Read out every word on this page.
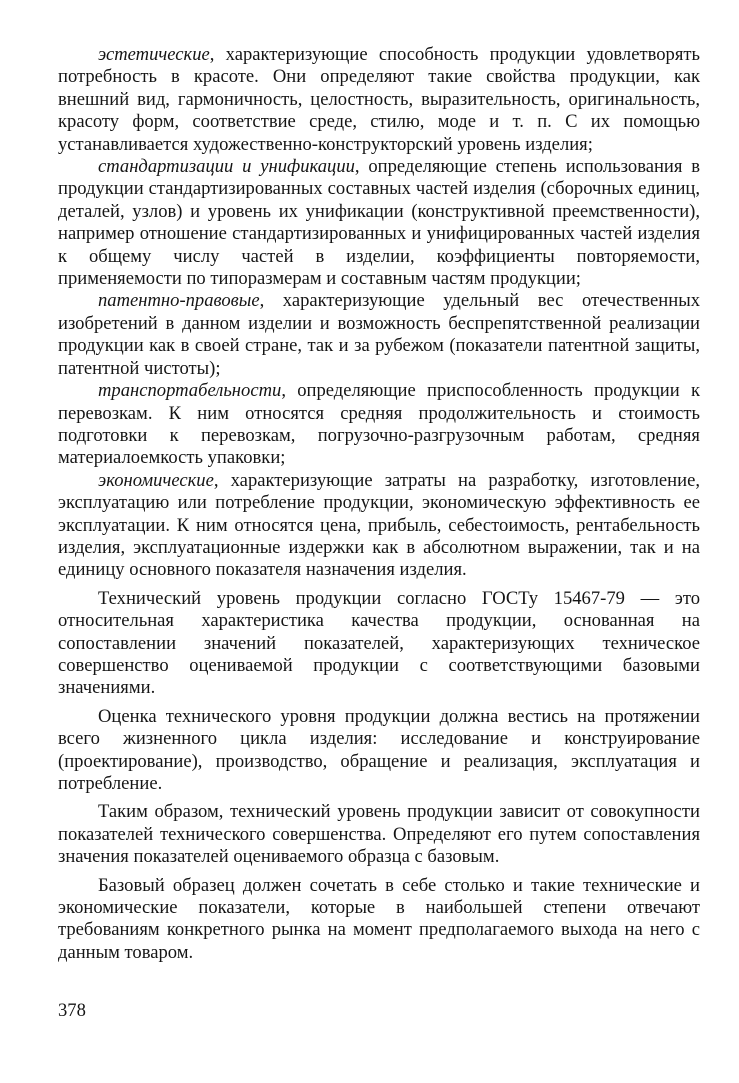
эстетические, характеризующие способность продукции удовлетворять потребность в красоте. Они определяют такие свойства продукции, как внешний вид, гармоничность, целостность, выразительность, оригинальность, красоту форм, соответствие среде, стилю, моде и т. п. С их помощью устанавливается художественно-конструкторский уровень изделия;

стандартизации и унификации, определяющие степень использования в продукции стандартизированных составных частей изделия (сборочных единиц, деталей, узлов) и уровень их унификации (конструктивной преемственности), например отношение стандартизированных и унифицированных частей изделия к общему числу частей в изделии, коэффициенты повторяемости, применяемости по типоразмерам и составным частям продукции;

патентно-правовые, характеризующие удельный вес отечественных изобретений в данном изделии и возможность беспрепятственной реализации продукции как в своей стране, так и за рубежом (показатели патентной защиты, патентной чистоты);

транспортабельности, определяющие приспособленность продукции к перевозкам. К ним относятся средняя продолжительность и стоимость подготовки к перевозкам, погрузочно-разгрузочным работам, средняя материалоемкость упаковки;

экономические, характеризующие затраты на разработку, изготовление, эксплуатацию или потребление продукции, экономическую эффективность ее эксплуатации. К ним относятся цена, прибыль, себестоимость, рентабельность изделия, эксплуатационные издержки как в абсолютном выражении, так и на единицу основного показателя назначения изделия.

Технический уровень продукции согласно ГОСТу 15467-79 — это относительная характеристика качества продукции, основанная на сопоставлении значений показателей, характеризующих техническое совершенство оцениваемой продукции с соответствующими базовыми значениями.

Оценка технического уровня продукции должна вестись на протяжении всего жизненного цикла изделия: исследование и конструирование (проектирование), производство, обращение и реализация, эксплуатация и потребление.

Таким образом, технический уровень продукции зависит от совокупности показателей технического совершенства. Определяют его путем сопоставления значения показателей оцениваемого образца с базовым.

Базовый образец должен сочетать в себе столько и такие технические и экономические показатели, которые в наибольшей степени отвечают требованиям конкретного рынка на момент предполагаемого выхода на него с данным товаром.

378
